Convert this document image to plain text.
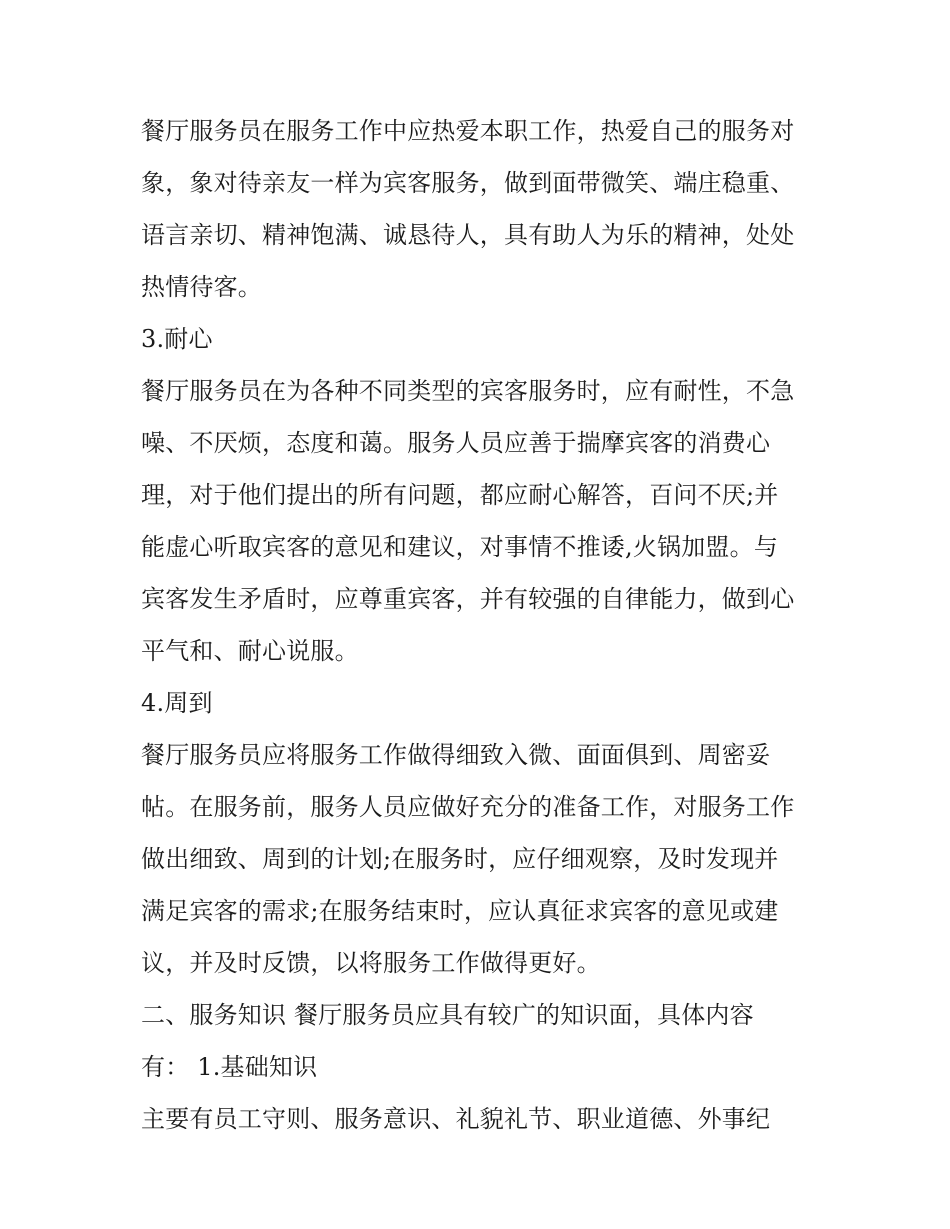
餐厅服务员在服务工作中应热爱本职工作，热爱自己的服务对
象，象对待亲友一样为宾客服务，做到面带微笑、端庄稳重、
语言亲切、精神饱满、诚恳待人，具有助人为乐的精神，处处
热情待客。
3.耐心
餐厅服务员在为各种不同类型的宾客服务时，应有耐性，不急
噪、不厌烦，态度和蔼。服务人员应善于揣摩宾客的消费心
理，对于他们提出的所有问题，都应耐心解答，百问不厌;并
能虚心听取宾客的意见和建议，对事情不推诿,火锅加盟。与
宾客发生矛盾时，应尊重宾客，并有较强的自律能力，做到心
平气和、耐心说服。
4.周到
餐厅服务员应将服务工作做得细致入微、面面俱到、周密妥
帖。在服务前，服务人员应做好充分的准备工作，对服务工作
做出细致、周到的计划;在服务时，应仔细观察，及时发现并
满足宾客的需求;在服务结束时，应认真征求宾客的意见或建
议，并及时反馈，以将服务工作做得更好。
二、服务知识 餐厅服务员应具有较广的知识面，具体内容
有： 1.基础知识
主要有员工守则、服务意识、礼貌礼节、职业道德、外事纪
